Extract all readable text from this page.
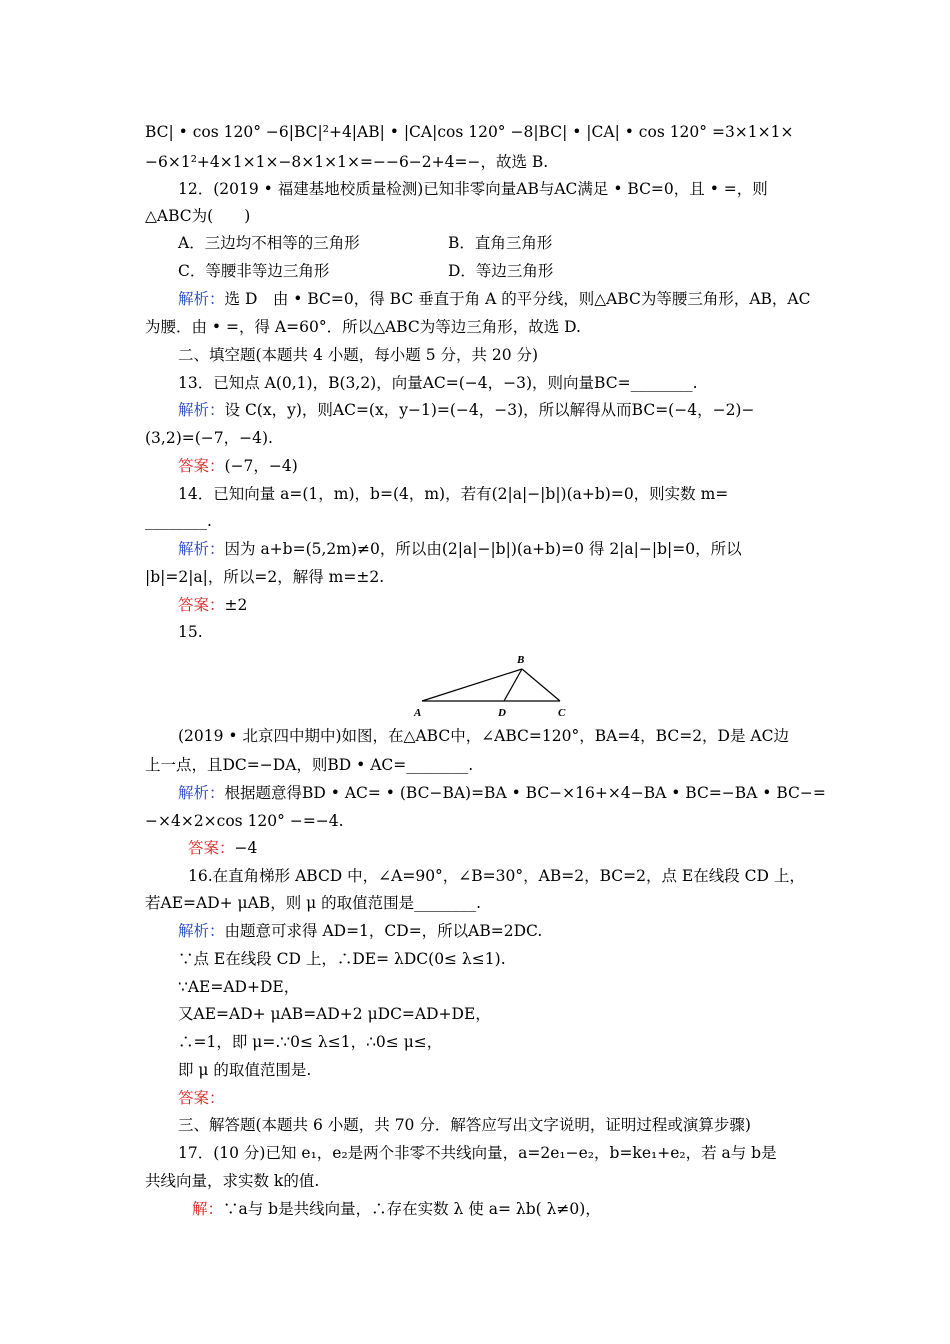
BC| • cos 120° −6|BC|²+4|AB| • |CA|cos 120° −8|BC| • |CA| • cos 120° =3×1×1×
−6×1²+4×1×1×−8×1×1×=−−6−2+4=−，故选 B.
12．(2019 • 福建基地校质量检测)已知非零向量AB与AC满足 • BC=0，且 • =，则
△ABC为(　　)
A．三边均不相等的三角形	B．直角三角形
C．等腰非等边三角形	D．等边三角形
解析：选 D　由 • BC=0，得 BC 垂直于角 A 的平分线，则△ABC为等腰三角形，AB，AC
为腰．由 • =，得 A=60°．所以△ABC为等边三角形，故选 D.
二、填空题(本题共 4 小题，每小题 5 分，共 20 分)
13．已知点 A(0,1)，B(3,2)，向量AC=(−4，−3)，则向量BC=________.
解析：设 C(x，y)，则AC=(x，y−1)=(−4，−3)，所以解得从而BC=(−4，−2)−
(3,2)=(−7，−4).
答案：(−7，−4)
14．已知向量 a=(1，m)，b=(4，m)，若有(2|a|−|b|)(a+b)=0，则实数 m=
________.
解析：因为 a+b=(5,2m)≠0，所以由(2|a|−|b|)(a+b)=0 得 2|a|−|b|=0，所以
|b|=2|a|，所以=2，解得 m=±2.
答案：±2
15.
B
A	D	C
(2019 • 北京四中期中)如图，在△ABC中，∠ABC=120°，BA=4，BC=2，D是 AC边
上一点，且DC=−DA，则BD • AC=________.
解析：根据题意得BD • AC= • (BC−BA)=BA • BC−×16+×4−BA • BC=−BA • BC−=
−×4×2×cos 120° −=−4.
答案：−4
16.在直角梯形 ABCD 中，∠A=90°，∠B=30°，AB=2，BC=2，点 E在线段 CD 上，
若AE=AD+ μAB，则 μ 的取值范围是________.
解析：由题意可求得 AD=1，CD=，所以AB=2DC.
∵点 E在线段 CD 上，∴DE= λDC(0≤ λ≤1).
∵AE=AD+DE，
又AE=AD+ μAB=AD+2 μDC=AD+DE，
∴=1，即 μ=.∵0≤ λ≤1，∴0≤ μ≤，
即 μ 的取值范围是.
答案：
三、解答题(本题共 6 小题，共 70 分．解答应写出文字说明，证明过程或演算步骤)
17．(10 分)已知 e₁，e₂是两个非零不共线向量，a=2e₁−e₂，b=ke₁+e₂，若 a与 b是
共线向量，求实数 k的值.
解：∵a与 b是共线向量，∴存在实数 λ 使 a= λb( λ≠0)，
